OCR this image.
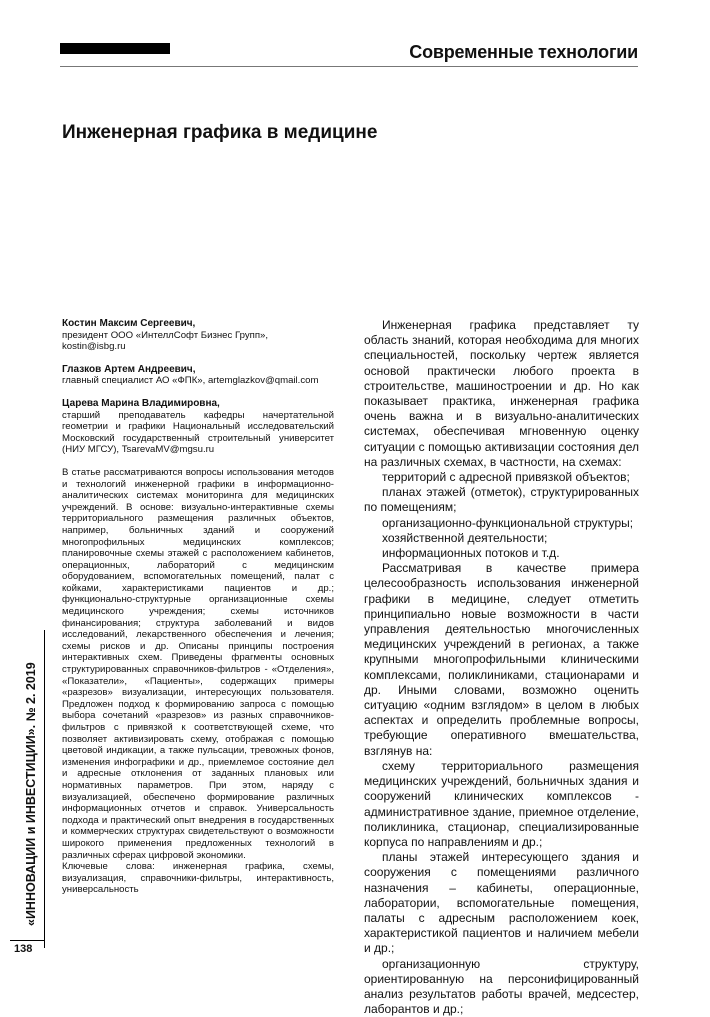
Современные технологии
Инженерная графика в медицине
Костин Максим Сергеевич,
президент ООО «ИнтеллСофт Бизнес Групп», kostin@isbg.ru
Глазков Артем Андреевич,
главный специалист АО «ФПК», artemglazkov@qmail.com
Царева Марина Владимировна,

старший преподаватель кафедры начертательной геометрии и графики Национальный исследовательский Московский государственный строительный университет (НИУ МГСУ), TsarevaMV@mgsu.ru

В статье рассматриваются вопросы использования методов и технологий инженерной графики в информационно-аналитических системах мониторинга для медицинских учреждений. В основе: визуально-интерактивные схемы территориального размещения различных объектов, например, больничных зданий и сооружений многопрофильных медицинских комплексов; планировочные схемы этажей с расположением кабинетов, операционных, лабораторий с медицинским оборудованием, вспомогательных помещений, палат с койками, характеристиками пациентов и др.; функционально-структурные организационные схемы медицинского учреждения; схемы источников финансирования; структура заболеваний и видов исследований, лекарственного обеспечения и лечения; схемы рисков и др. Описаны принципы построения интерактивных схем. Приведены фрагменты основных структурированных справочников-фильтров - «Отделения», «Показатели», «Пациенты», содержащих примеры «разрезов» визуализации, интересующих пользователя. Предложен подход к формированию запроса с помощью выбора сочетаний «разрезов» из разных справочников-фильтров с привязкой к соответствующей схеме, что позволяет активизировать схему, отображая с помощью цветовой индикации, а также пульсации, тревожных фонов, изменения инфографики и др., приемлемое состояние дел и адресные отклонения от заданных плановых или нормативных параметров. При этом, наряду с визуализацией, обеспечено формирование различных информационных отчетов и справок. Универсальность подхода и практический опыт внедрения в государственных и коммерческих структурах свидетельствуют о возможности широкого применения предложенных технологий в различных сферах цифровой экономики.

Ключевые слова: инженерная графика, схемы, визуализация, справочники-фильтры, интерактивность, универсальность

Инженерная графика представляет ту область знаний, которая необходима для многих специальностей, поскольку чертеж является основой практически любого проекта в строительстве, машиностроении и др. Но как показывает практика, инженерная графика очень важна и в визуально-аналитических системах, обеспечивая мгновенную оценку ситуации с помощью активизации состояния дел на различных схемах, в частности, на схемах:

территорий с адресной привязкой объектов;

планах этажей (отметок), структурированных по помещениям;

организационно-функциональной структуры;

хозяйственной деятельности;

информационных потоков и т.д.

Рассматривая в качестве примера целесообразность использования инженерной графики в медицине, следует отметить принципиально новые возможности в части управления деятельностью многочисленных медицинских учреждений в регионах, а также крупными многопрофильными клиническими комплексами, поликлиниками, стационарами и др. Иными словами, возможно оценить ситуацию «одним взглядом» в целом в любых аспектах и определить проблемные вопросы, требующие оперативного вмешательства, взглянув на:

схему территориального размещения медицинских учреждений, больничных здания и сооружений клинических комплексов - административное здание, приемное отделение, поликлиника, стационар, специализированные корпуса по направлениям и др.;

планы этажей интересующего здания и сооружения с помещениями различного назначения – кабинеты, операционные, лаборатории, вспомогательные помещения, палаты с адресным расположением коек, характеристикой пациентов и наличием мебели и др.;

организационную структуру, ориентированную на персонифицированный анализ результатов работы врачей, медсестер, лаборантов и др.;

«ИННОВАЦИИ и ИНВЕСТИЦИИ». № 2. 2019
138
